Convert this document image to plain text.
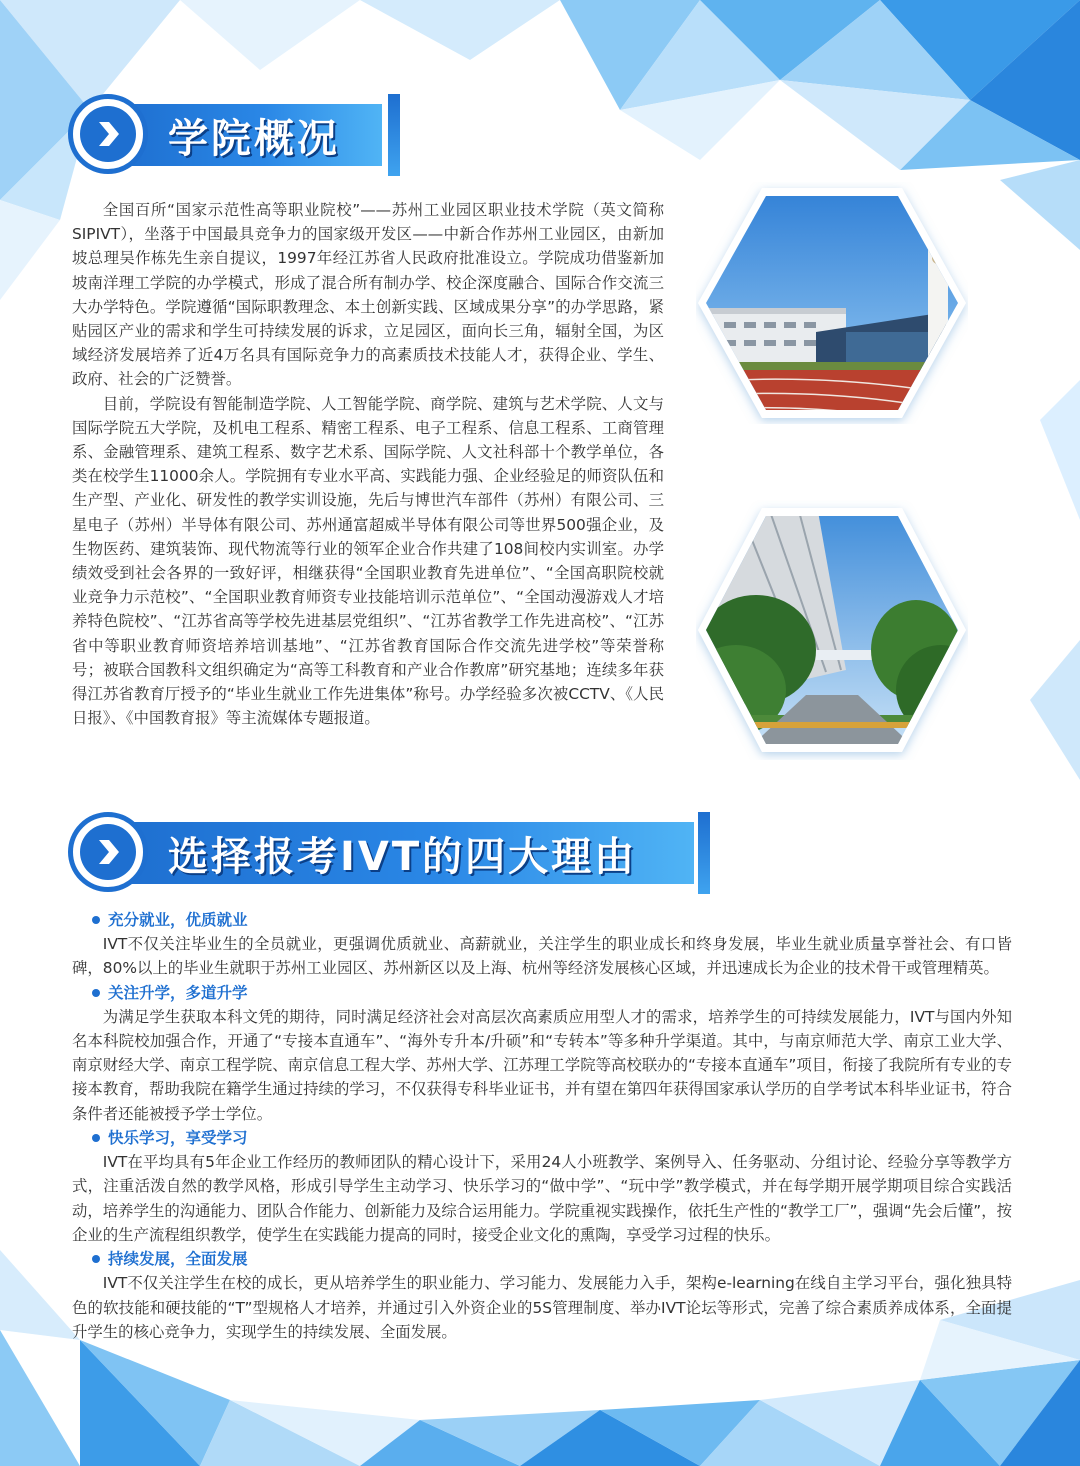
学院概况

全国百所“国家示范性高等职业院校”——苏州工业园区职业技术学院（英文简称SIPIVT），坐落于中国最具竞争力的国家级开发区——中新合作苏州工业园区，由新加坡总理吴作栋先生亲自提议，1997年经江苏省人民政府批准设立。学院成功借鉴新加坡南洋理工学院的办学模式，形成了混合所有制办学、校企深度融合、国际合作交流三大办学特色。学院遵循“国际职教理念、本土创新实践、区域成果分享”的办学思路，紧贴园区产业的需求和学生可持续发展的诉求，立足园区，面向长三角，辐射全国，为区域经济发展培养了近4万名具有国际竞争力的高素质技术技能人才，获得企业、学生、政府、社会的广泛赞誉。

目前，学院设有智能制造学院、人工智能学院、商学院、建筑与艺术学院、人文与国际学院五大学院，及机电工程系、精密工程系、电子工程系、信息工程系、工商管理系、金融管理系、建筑工程系、数字艺术系、国际学院、人文社科部十个教学单位，各类在校学生11000余人。学院拥有专业水平高、实践能力强、企业经验足的师资队伍和生产型、产业化、研发性的教学实训设施，先后与博世汽车部件（苏州）有限公司、三星电子（苏州）半导体有限公司、苏州通富超威半导体有限公司等世界500强企业，及生物医药、建筑装饰、现代物流等行业的领军企业合作共建了108间校内实训室。办学绩效受到社会各界的一致好评，相继获得“全国职业教育先进单位”、“全国高职院校就业竞争力示范校”、“全国职业教育师资专业技能培训示范单位”、“全国动漫游戏人才培养特色院校”、“江苏省高等学校先进基层党组织”、“江苏省教学工作先进高校”、“江苏省中等职业教育师资培养培训基地”、“江苏省教育国际合作交流先进学校”等荣誉称号；被联合国教科文组织确定为“高等工科教育和产业合作教席”研究基地；连续多年获得江苏省教育厅授予的“毕业生就业工作先进集体”称号。办学经验多次被CCTV、《人民日报》、《中国教育报》等主流媒体专题报道。

选择报考IVT的四大理由
充分就业，优质就业

IVT不仅关注毕业生的全员就业，更强调优质就业、高薪就业，关注学生的职业成长和终身发展，毕业生就业质量享誉社会、有口皆碑，80%以上的毕业生就职于苏州工业园区、苏州新区以及上海、杭州等经济发展核心区域，并迅速成长为企业的技术骨干或管理精英。

关注升学，多道升学

为满足学生获取本科文凭的期待，同时满足经济社会对高层次高素质应用型人才的需求，培养学生的可持续发展能力，IVT与国内外知名本科院校加强合作，开通了“专接本直通车”、“海外专升本/升硕”和“专转本”等多种升学渠道。其中，与南京师范大学、南京工业大学、南京财经大学、南京工程学院、南京信息工程大学、苏州大学、江苏理工学院等高校联办的“专接本直通车”项目，衔接了我院所有专业的专接本教育，帮助我院在籍学生通过持续的学习，不仅获得专科毕业证书，并有望在第四年获得国家承认学历的自学考试本科毕业证书，符合条件者还能被授予学士学位。

快乐学习，享受学习

IVT在平均具有5年企业工作经历的教师团队的精心设计下，采用24人小班教学、案例导入、任务驱动、分组讨论、经验分享等教学方式，注重活泼自然的教学风格，形成引导学生主动学习、快乐学习的“做中学”、“玩中学”教学模式，并在每学期开展学期项目综合实践活动，培养学生的沟通能力、团队合作能力、创新能力及综合运用能力。学院重视实践操作，依托生产性的“教学工厂”，强调“先会后懂”，按企业的生产流程组织教学，使学生在实践能力提高的同时，接受企业文化的熏陶，享受学习过程的快乐。

持续发展，全面发展

IVT不仅关注学生在校的成长，更从培养学生的职业能力、学习能力、发展能力入手，架构e-learning在线自主学习平台，强化独具特色的软技能和硬技能的“T”型规格人才培养，并通过引入外资企业的5S管理制度、举办IVT论坛等形式，完善了综合素质养成体系，全面提升学生的核心竞争力，实现学生的持续发展、全面发展。
